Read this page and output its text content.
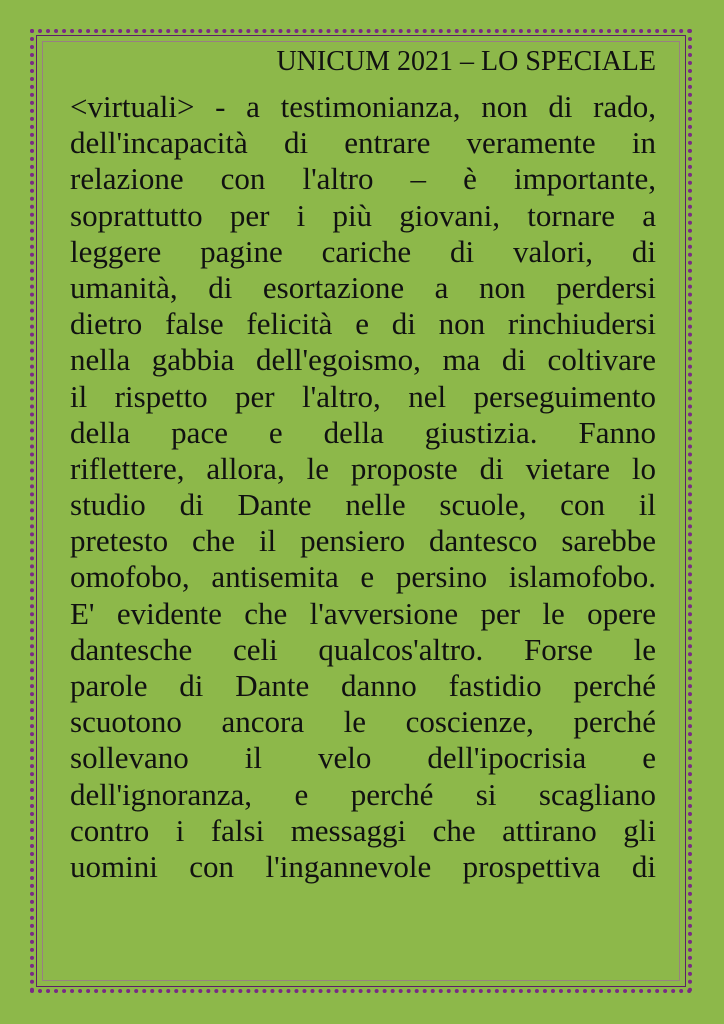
UNICUM 2021 – LO SPECIALE
<virtuali> - a testimonianza, non di rado,
dell'incapacità di entrare veramente in
relazione con l'altro – è importante,
soprattutto per i più giovani, tornare a
leggere pagine cariche di valori, di
umanità, di esortazione a non perdersi
dietro false felicità e di non rinchiudersi
nella gabbia dell'egoismo, ma di coltivare
il rispetto per l'altro, nel perseguimento
della pace e della giustizia. Fanno
riflettere, allora, le proposte di vietare lo
studio di Dante nelle scuole, con il
pretesto che il pensiero dantesco sarebbe
omofobo, antisemita e persino islamofobo.
E' evidente che l'avversione per le opere
dantesche celi qualcos'altro. Forse le
parole di Dante danno fastidio perché
scuotono ancora le coscienze, perché
sollevano il velo dell'ipocrisia e
dell'ignoranza, e perché si scagliano
contro i falsi messaggi che attirano gli
uomini con l'ingannevole prospettiva di
